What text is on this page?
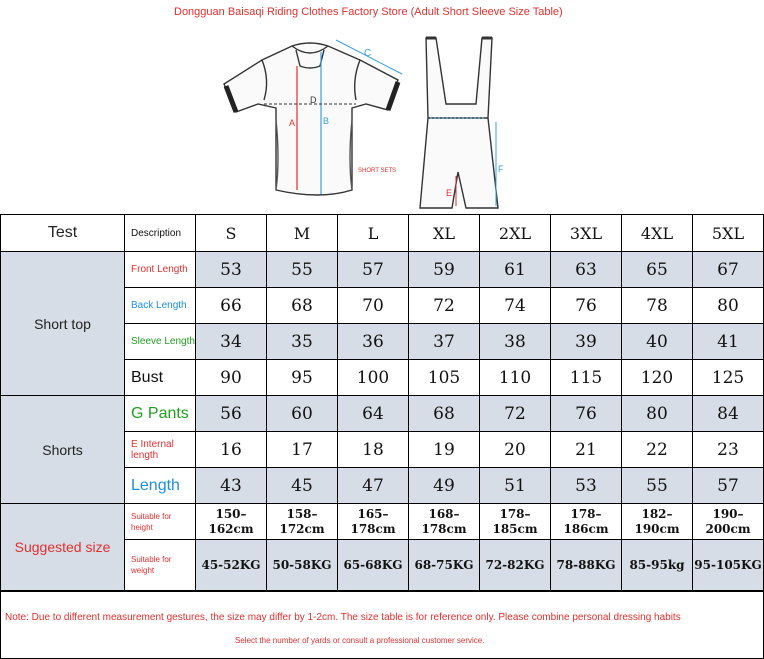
Dongguan Baisaqi Riding Clothes Factory Store (Adult Short Sleeve Size Table)
A	B
D
C
SHORT SETS	F
E
Test	Description	S	M	L	XL	2XL	3XL	4XL	5XL
Short top	Front Length	53	55	57	59	61	63	65	67
	Back Length	66	68	70	72	74	76	78	80
	Sleeve Length	34	35	36	37	38	39	40	41
	Bust	90	95	100	105	110	115	120	125
Shorts	G Pants	56	60	64	68	72	76	80	84
	E Internal length	16	17	18	19	20	21	22	23
	Length	43	45	47	49	51	53	55	57
Suggested size	Suitable for height	150–162cm	158–172cm	165–178cm	168–178cm	178–185cm	178–186cm	182–190cm	190–200cm
	Suitable for weight	45-52KG	50-58KG	65-68KG	68-75KG	72-82KG	78-88KG	85-95kg	95-105KG
Note: Due to different measurement gestures, the size may differ by 1-2cm. The size table is for reference only. Please combine personal dressing habits
Select the number of yards or consult a professional customer service.
